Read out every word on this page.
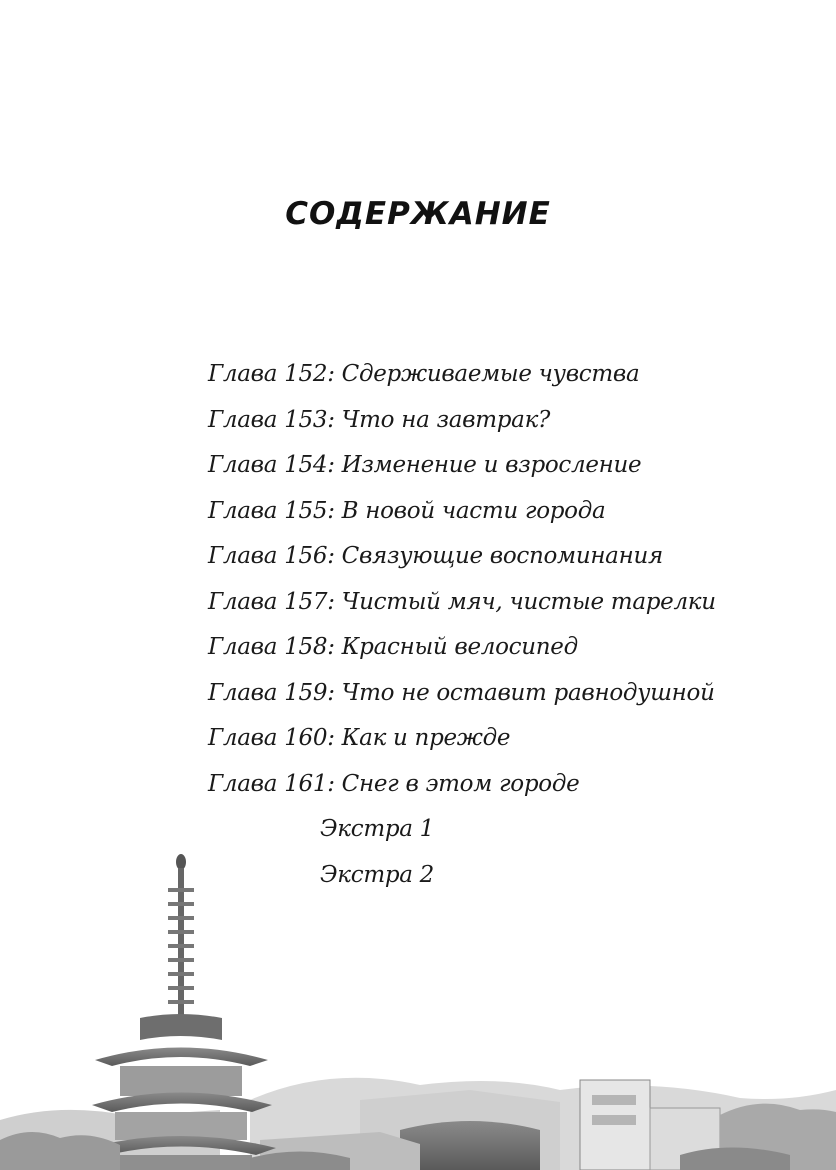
СОДЕРЖАНИЕ
Глава 152: Сдерживаемые чувства
Глава 153: Что на завтрак?
Глава 154: Изменение и взросление
Глава 155: В новой части города
Глава 156: Связующие воспоминания
Глава 157: Чистый мяч, чистые тарелки
Глава 158: Красный велосипед
Глава 159: Что не оставит равнодушной
Глава 160: Как и прежде
Глава 161: Снег в этом городе
Экстра 1
Экстра 2
